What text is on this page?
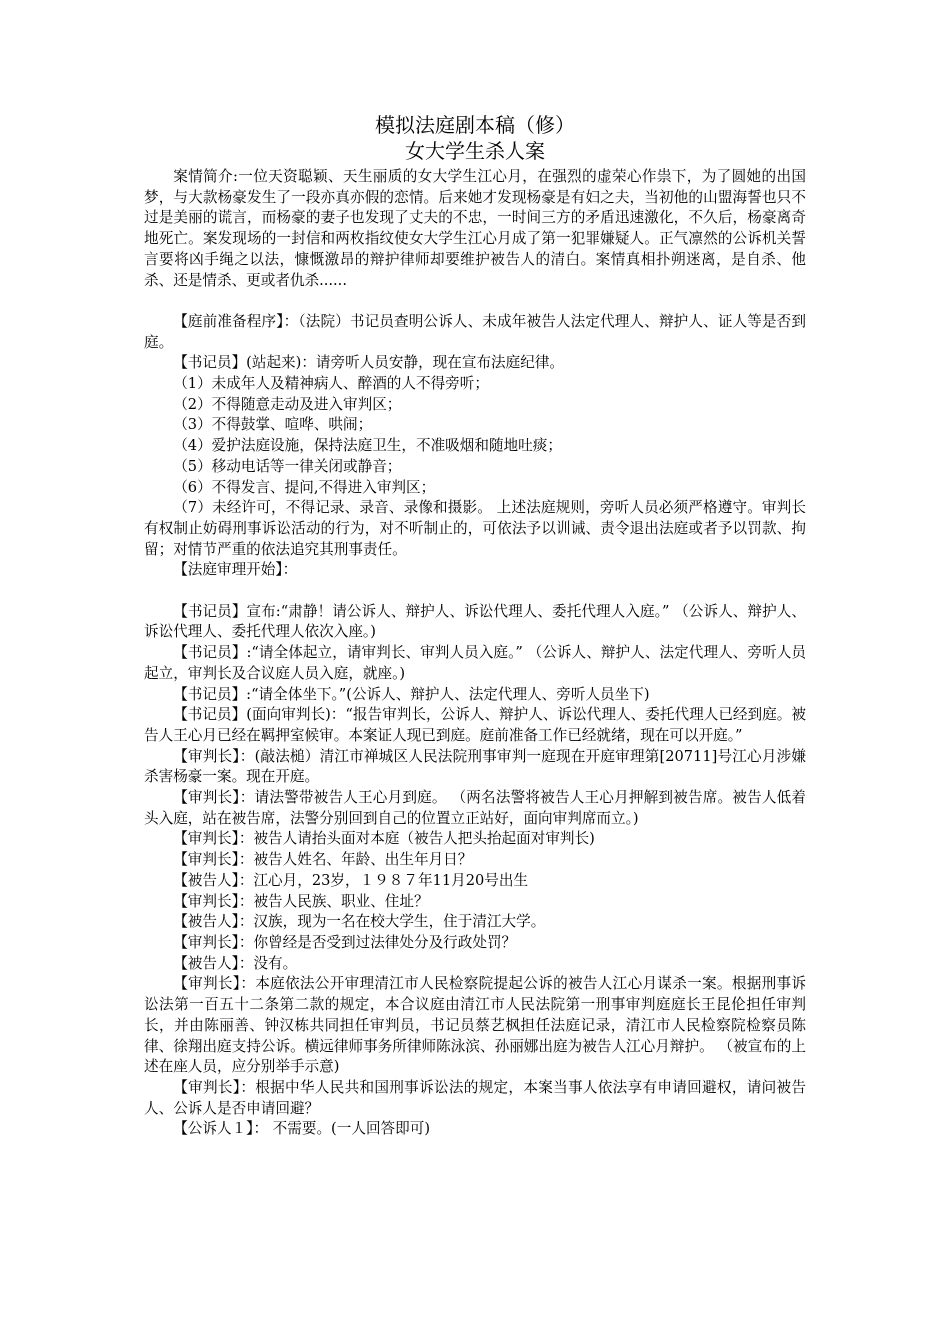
模拟法庭剧本稿（修）
女大学生杀人案

案情简介:一位天资聪颖、天生丽质的女大学生江心月，在强烈的虚荣心作祟下，为了圆她的出国梦，与大款杨豪发生了一段亦真亦假的恋情。后来她才发现杨豪是有妇之夫，当初他的山盟海誓也只不过是美丽的谎言，而杨豪的妻子也发现了丈夫的不忠，一时间三方的矛盾迅速激化，不久后，杨豪离奇地死亡。案发现场的一封信和两枚指纹使女大学生江心月成了第一犯罪嫌疑人。正气凛然的公诉机关誓言要将凶手绳之以法，慷慨激昂的辩护律师却要维护被告人的清白。案情真相扑朔迷离，是自杀、他杀、还是情杀、更或者仇杀......

【庭前准备程序】：（法院）书记员查明公诉人、未成年被告人法定代理人、辩护人、证人等是否到庭。

【书记员】(站起来)：请旁听人员安静，现在宣布法庭纪律。

（1）未成年人及精神病人、醉酒的人不得旁听；
（2）不得随意走动及进入审判区；
（3）不得鼓掌、喧哗、哄闹；
（4）爱护法庭设施，保持法庭卫生，不准吸烟和随地吐痰；
（5）移动电话等一律关闭或静音；
（6）不得发言、提问,不得进入审判区；

（7）未经许可，不得记录、录音、录像和摄影。 上述法庭规则，旁听人员必须严格遵守。审判长有权制止妨碍刑事诉讼活动的行为，对不听制止的，可依法予以训诫、责令退出法庭或者予以罚款、拘留；对情节严重的依法追究其刑事责任。

【法庭审理开始】：

【书记员】宣布:“肃静！请公诉人、辩护人、诉讼代理人、委托代理人入庭。” （公诉人、辩护人、诉讼代理人、委托代理人依次入座。)

【书记员】:“请全体起立，请审判长、审判人员入庭。” （公诉人、辩护人、法定代理人、旁听人员起立，审判长及合议庭人员入庭，就座。)

【书记员】:“请全体坐下。”(公诉人、辩护人、法定代理人、旁听人员坐下)

【书记员】(面向审判长)：“报告审判长，公诉人、辩护人、诉讼代理人、委托代理人已经到庭。被告人王心月已经在羁押室候审。本案证人现已到庭。庭前准备工作已经就绪，现在可以开庭。”

【审判长】：(敲法槌）清江市禅城区人民法院刑事审判一庭现在开庭审理第[20711]号江心月涉嫌杀害杨豪一案。现在开庭。

【审判长】：请法警带被告人王心月到庭。 （两名法警将被告人王心月押解到被告席。被告人低着头入庭，站在被告席，法警分别回到自己的位置立正站好，面向审判席而立。)

【审判长】：被告人请抬头面对本庭（被告人把头抬起面对审判长)

【审判长】：被告人姓名、年龄、出生年月日？

【被告人】：江心月，23岁，１９８７年11月20号出生

【审判长】：被告人民族、职业、住址？

【被告人】：汉族，现为一名在校大学生，住于清江大学。

【审判长】：你曾经是否受到过法律处分及行政处罚？

【被告人】：没有。

【审判长】：本庭依法公开审理清江市人民检察院提起公诉的被告人江心月谋杀一案。根据刑事诉讼法第一百五十二条第二款的规定，本合议庭由清江市人民法院第一刑事审判庭庭长王昆伦担任审判长，并由陈丽善、钟汉栋共同担任审判员，书记员蔡艺枫担任法庭记录，清江市人民检察院检察员陈律、徐翔出庭支持公诉。横远律师事务所律师陈泳滨、孙丽娜出庭为被告人江心月辩护。 （被宣布的上述在座人员，应分别举手示意)

【审判长】：根据中华人民共和国刑事诉讼法的规定，本案当事人依法享有申请回避权，请问被告人、公诉人是否申请回避？

【公诉人１】： 不需要。(一人回答即可)
